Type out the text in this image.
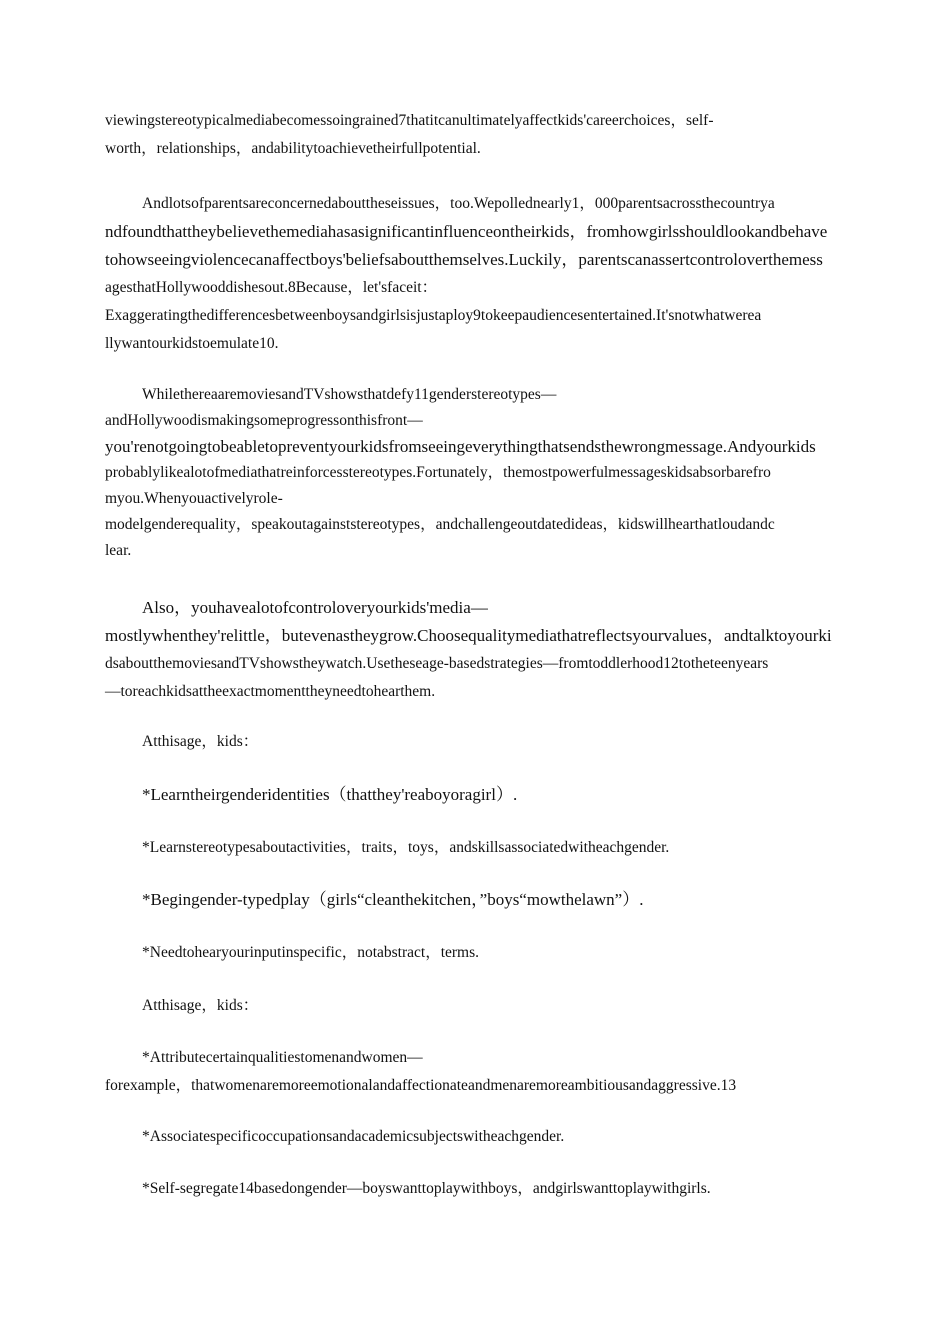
viewingstereotypicalmediabecomessoingrained7thatitcanultimatelyaffectkids'careerchoices，self-
worth，relationships，andabilitytoachievetheirfullpotential.
Andlotsofparentsareconcernedabouttheseissues，too.Wepollednearly1，000parentsacrossthecountrya
ndfoundthattheybelievethemediahasasignificantinfluenceontheirkids，fromhowgirlsshouldlookandbehave
tohowseeingviolencecanaffectboys'beliefsaboutthemselves.Luckily，parentscanassertcontroloverthemess
agesthatHollywooddishesout.8Because，let'sfaceit：
Exaggeratingthedifferencesbetweenboysandgirlsisjustaploy9tokeepaudiencesentertained.It'snotwhatwerea
llywantourkidstoemulate10.
WhilethereaaremoviesandTVshowsthatdefy11genderstereotypes—
andHollywoodismakingsomeprogressonthisfront—
you'renotgoingtobeabletopreventyourkidsfromseeingeverythingthatsendsthewrongmessage.Andyourkids
probablylikealotofmediathatreinforcesstereotypes.Fortunately，themostpowerfulmessageskidsabsorbarefro
myou.Whenyouactivelyrole-
modelgenderequality，speakoutagainststereotypes，andchallengeoutdatedideas，kidswillhearthatloudandc
lear.
Also，youhavealotofcontroloveryourkids'media—
mostlywhenthey'relittle，butevenastheygrow.Choosequalitymediathatreflectsyourvalues，andtalktoyourki
dsaboutthemoviesandTVshowstheywatch.Usetheseage-basedstrategies—fromtoddlerhood12totheteenyears
—toreachkidsattheexactmomenttheyneedtohearthem.
Atthisage，kids：
*Learntheirgenderidentities（thatthey'reaboyoragirl）.
*Learnstereotypesaboutactivities，traits，toys，andskillsassociatedwitheachgender.
*Begingender-typedplay（girls“cleanthekitchen，”boys“mowthelawn”）.
*Needtohearyourinputinspecific，notabstract，terms.
Atthisage，kids：
*Attributecertainqualitiestomenandwomen—
forexample，thatwomenaremoreemotionalandaffectionateandmenaremoreambitiousandaggressive.13
*Associatespecificoccupationsandacademicsubjectswitheachgender.
*Self-segregate14basedongender—boyswanttoplaywithboys，andgirlswanttoplaywithgirls.
